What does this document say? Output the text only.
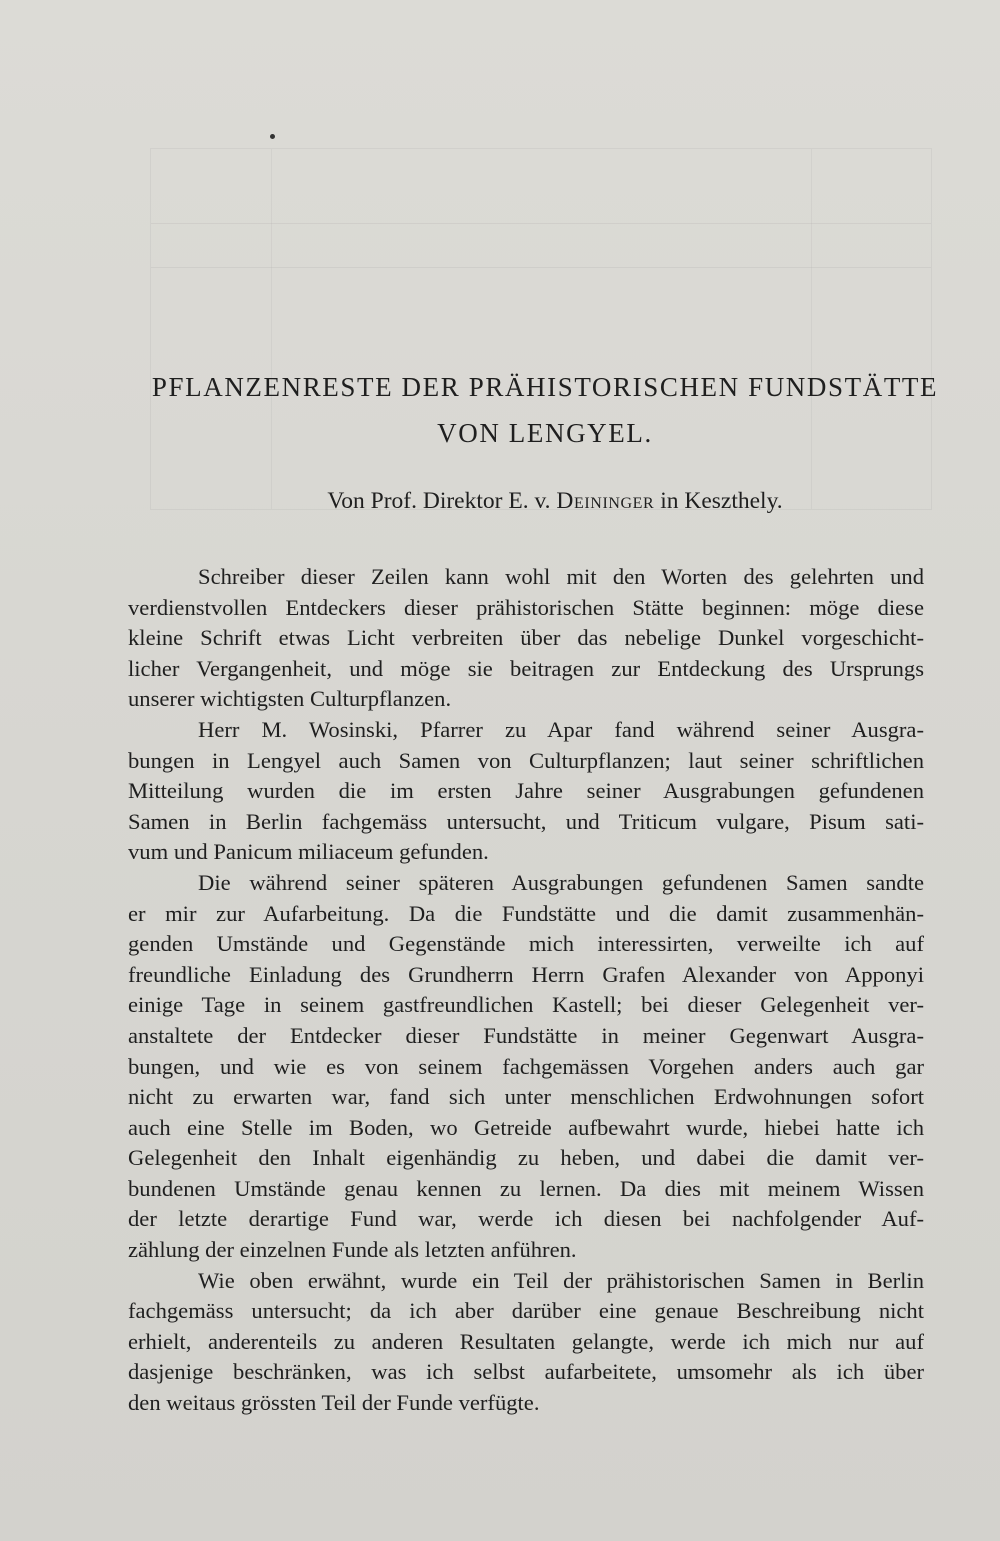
PFLANZENRESTE DER PRÄHISTORISCHEN FUNDSTÄTTE
VON LENGYEL.
Von Prof. Direktor E. v. Deininger in Keszthely.

Schreiber dieser Zeilen kann wohl mit den Worten des gelehrten und
verdienstvollen Entdeckers dieser prähistorischen Stätte beginnen: möge diese
kleine Schrift etwas Licht verbreiten über das nebelige Dunkel vorgeschicht-
licher Vergangenheit, und möge sie beitragen zur Entdeckung des Ursprungs
unserer wichtigsten Culturpflanzen.

Herr M. Wosinski, Pfarrer zu Apar fand während seiner Ausgra-
bungen in Lengyel auch Samen von Culturpflanzen; laut seiner schriftlichen
Mitteilung wurden die im ersten Jahre seiner Ausgrabungen gefundenen
Samen in Berlin fachgemäss untersucht, und Triticum vulgare, Pisum sati-
vum und Panicum miliaceum gefunden.

Die während seiner späteren Ausgrabungen gefundenen Samen sandte
er mir zur Aufarbeitung. Da die Fundstätte und die damit zusammenhän-
genden Umstände und Gegenstände mich interessirten, verweilte ich auf
freundliche Einladung des Grundherrn Herrn Grafen Alexander von Apponyi
einige Tage in seinem gastfreundlichen Kastell; bei dieser Gelegenheit ver-
anstaltete der Entdecker dieser Fundstätte in meiner Gegenwart Ausgra-
bungen, und wie es von seinem fachgemässen Vorgehen anders auch gar
nicht zu erwarten war, fand sich unter menschlichen Erdwohnungen sofort
auch eine Stelle im Boden, wo Getreide aufbewahrt wurde, hiebei hatte ich
Gelegenheit den Inhalt eigenhändig zu heben, und dabei die damit ver-
bundenen Umstände genau kennen zu lernen. Da dies mit meinem Wissen
der letzte derartige Fund war, werde ich diesen bei nachfolgender Auf-
zählung der einzelnen Funde als letzten anführen.

Wie oben erwähnt, wurde ein Teil der prähistorischen Samen in Berlin
fachgemäss untersucht; da ich aber darüber eine genaue Beschreibung nicht
erhielt, anderenteils zu anderen Resultaten gelangte, werde ich mich nur auf
dasjenige beschränken, was ich selbst aufarbeitete, umsomehr als ich über
den weitaus grössten Teil der Funde verfügte.
